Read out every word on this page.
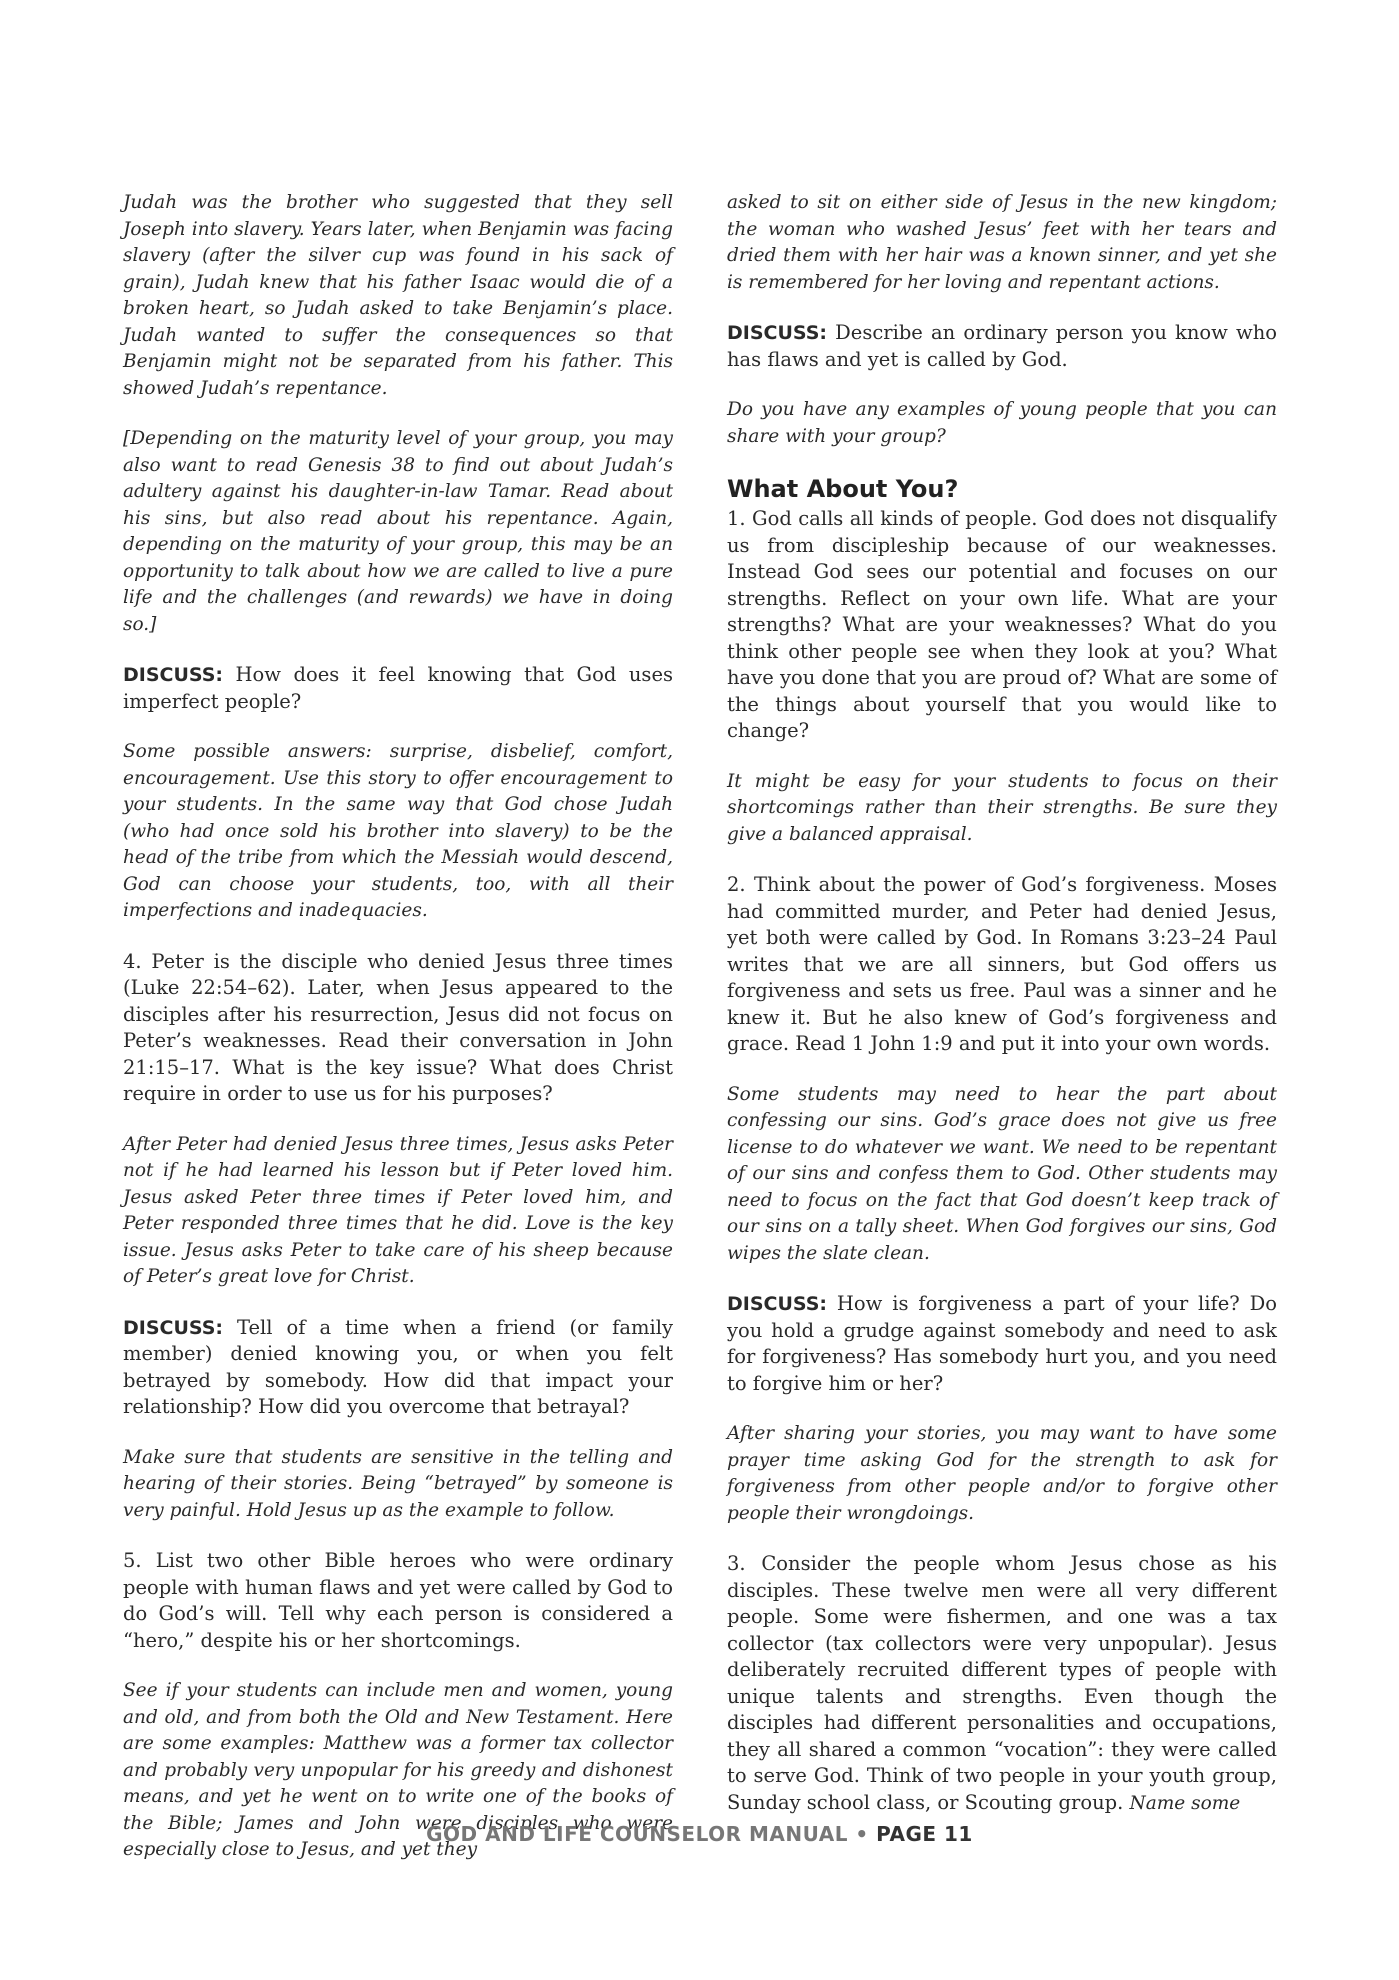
Judah was the brother who suggested that they sell Joseph into slavery. Years later, when Benjamin was facing slavery (after the silver cup was found in his sack of grain), Judah knew that his father Isaac would die of a broken heart, so Judah asked to take Benjamin’s place. Judah wanted to suffer the consequences so that Benjamin might not be separated from his father. This showed Judah’s repentance.

[Depending on the maturity level of your group, you may also want to read Genesis 38 to find out about Judah’s adultery against his daughter-in-law Tamar. Read about his sins, but also read about his repentance. Again, depending on the maturity of your group, this may be an opportunity to talk about how we are called to live a pure life and the challenges (and rewards) we have in doing so.]

DISCUSS: How does it feel knowing that God uses imperfect people?

Some possible answers: surprise, disbelief, comfort, encouragement. Use this story to offer encouragement to your students. In the same way that God chose Judah (who had once sold his brother into slavery) to be the head of the tribe from which the Messiah would descend, God can choose your students, too, with all their imperfections and inadequacies.

4. Peter is the disciple who denied Jesus three times (Luke 22:54–62). Later, when Jesus appeared to the disciples after his resurrection, Jesus did not focus on Peter’s weaknesses. Read their conversation in John 21:15–17. What is the key issue? What does Christ require in order to use us for his purposes?

After Peter had denied Jesus three times, Jesus asks Peter not if he had learned his lesson but if Peter loved him. Jesus asked Peter three times if Peter loved him, and Peter responded three times that he did. Love is the key issue. Jesus asks Peter to take care of his sheep because of Peter’s great love for Christ.

DISCUSS: Tell of a time when a friend (or family member) denied knowing you, or when you felt betrayed by somebody. How did that impact your relationship? How did you overcome that betrayal?

Make sure that students are sensitive in the telling and hearing of their stories. Being “betrayed” by someone is very painful. Hold Jesus up as the example to follow.

5. List two other Bible heroes who were ordinary people with human flaws and yet were called by God to do God’s will. Tell why each person is considered a “hero,” despite his or her shortcomings.

See if your students can include men and women, young and old, and from both the Old and New Testament. Here are some examples: Matthew was a former tax collector and probably very unpopular for his greedy and dishonest means, and yet he went on to write one of the books of the Bible; James and John were disciples who were especially close to Jesus, and yet they

asked to sit on either side of Jesus in the new kingdom; the woman who washed Jesus’ feet with her tears and dried them with her hair was a known sinner, and yet she is remembered for her loving and repentant actions.

DISCUSS: Describe an ordinary person you know who has flaws and yet is called by God.

Do you have any examples of young people that you can share with your group?

What About You?

1. God calls all kinds of people. God does not disqualify us from discipleship because of our weaknesses. Instead God sees our potential and focuses on our strengths. Reflect on your own life. What are your strengths? What are your weaknesses? What do you think other people see when they look at you? What have you done that you are proud of? What are some of the things about yourself that you would like to change?

It might be easy for your students to focus on their shortcomings rather than their strengths. Be sure they give a balanced appraisal.

2. Think about the power of God’s forgiveness. Moses had committed murder, and Peter had denied Jesus, yet both were called by God. In Romans 3:23–24 Paul writes that we are all sinners, but God offers us forgiveness and sets us free. Paul was a sinner and he knew it. But he also knew of God’s forgiveness and grace. Read 1 John 1:9 and put it into your own words.

Some students may need to hear the part about confessing our sins. God’s grace does not give us free license to do whatever we want. We need to be repentant of our sins and confess them to God. Other students may need to focus on the fact that God doesn’t keep track of our sins on a tally sheet. When God forgives our sins, God wipes the slate clean.

DISCUSS: How is forgiveness a part of your life? Do you hold a grudge against somebody and need to ask for forgiveness? Has somebody hurt you, and you need to forgive him or her?

After sharing your stories, you may want to have some prayer time asking God for the strength to ask for forgiveness from other people and/or to forgive other people their wrongdoings.

3. Consider the people whom Jesus chose as his disciples. These twelve men were all very different people. Some were fishermen, and one was a tax collector (tax collectors were very unpopular). Jesus deliberately recruited different types of people with unique talents and strengths. Even though the disciples had different personalities and occupations, they all shared a common “vocation”: they were called to serve God. Think of two people in your youth group, Sunday school class, or Scouting group. Name some

GOD AND LIFE COUNSELOR MANUAL • PAGE 11
